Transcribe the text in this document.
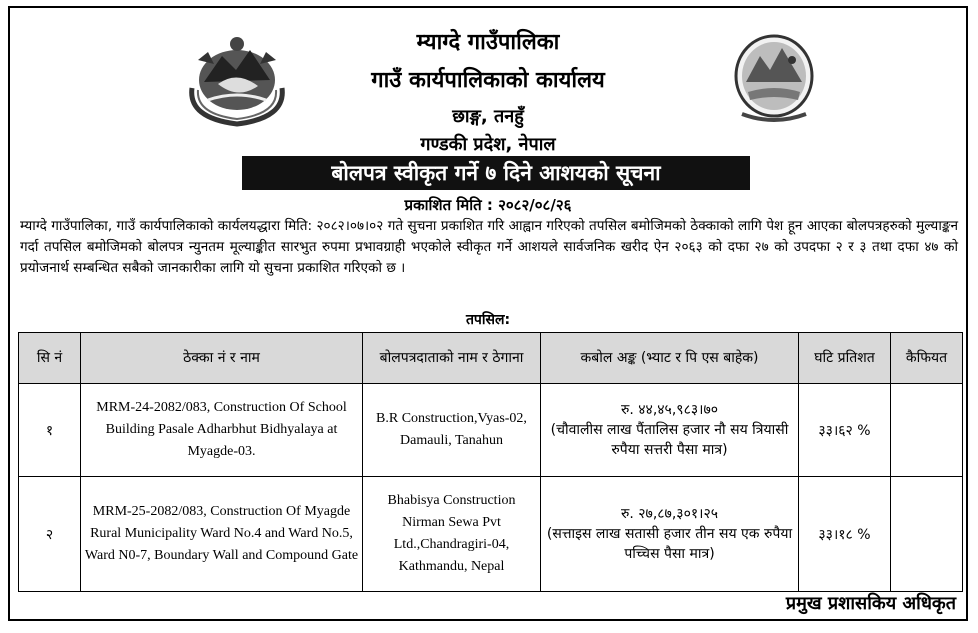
म्याग्दे गाउँपालिका
गाउँ कार्यपालिकाको कार्यालय
छाङ्ग, तनहुँ
गण्डकी प्रदेश, नेपाल
बोलपत्र स्वीकृत गर्ने ७ दिने आशयको सूचना
प्रकाशित मिति : २०८२/०८/२६
म्याग्दे गाउँपालिका, गाउँ कार्यपालिकाको कार्यलयद्धारा मिति: २०८२।०७।०२ गते सुचना प्रकाशित गरि आह्वान गरिएको तपसिल बमोजिमको ठेक्काको लागि पेश हून आएका बोलपत्रहरुको मुल्याङ्कन गर्दा तपसिल बमोजिमको बोलपत्र न्युनतम मूल्याङ्कीत सारभुत रुपमा प्रभावग्राही भएकोले स्वीकृत गर्ने आशयले सार्वजनिक खरीद ऐन २०६३ को दफा २७ को उपदफा २ र ३ तथा दफा ४७ को प्रयोजनार्थ सम्बन्धित सबैको जानकारीका लागि यो सुचना प्रकाशित गरिएको छ ।
तपसिल:
सि नं	ठेक्का नं र नाम	बोलपत्रदाताको नाम र ठेगाना	कबोल अङ्क (भ्याट र पि एस बाहेक)	घटि प्रतिशत	कैफियत
१	MRM-24-2082/083, Construction Of School Building Pasale Adharbhut Bidhyalaya at Myagde-03.	B.R Construction,Vyas-02, Damauli, Tanahun	रु. ४४,४५,९८३।७०
(चौवालीस लाख पैंतालिस हजार नौ सय त्रियासी रुपैया सत्तरी पैसा मात्र)	३३।६२ %	
२	MRM-25-2082/083, Construction Of Myagde Rural Municipality Ward No.4 and Ward No.5, Ward N0-7, Boundary Wall and Compound Gate	Bhabisya Construction Nirman Sewa Pvt Ltd.,Chandragiri-04, Kathmandu, Nepal	रु. २७,८७,३०१।२५
(सत्ताइस लाख सतासी हजार तीन सय एक रुपैया पच्चिस पैसा मात्र)	३३।१८ %	
प्रमुख प्रशासकिय अधिकृत
